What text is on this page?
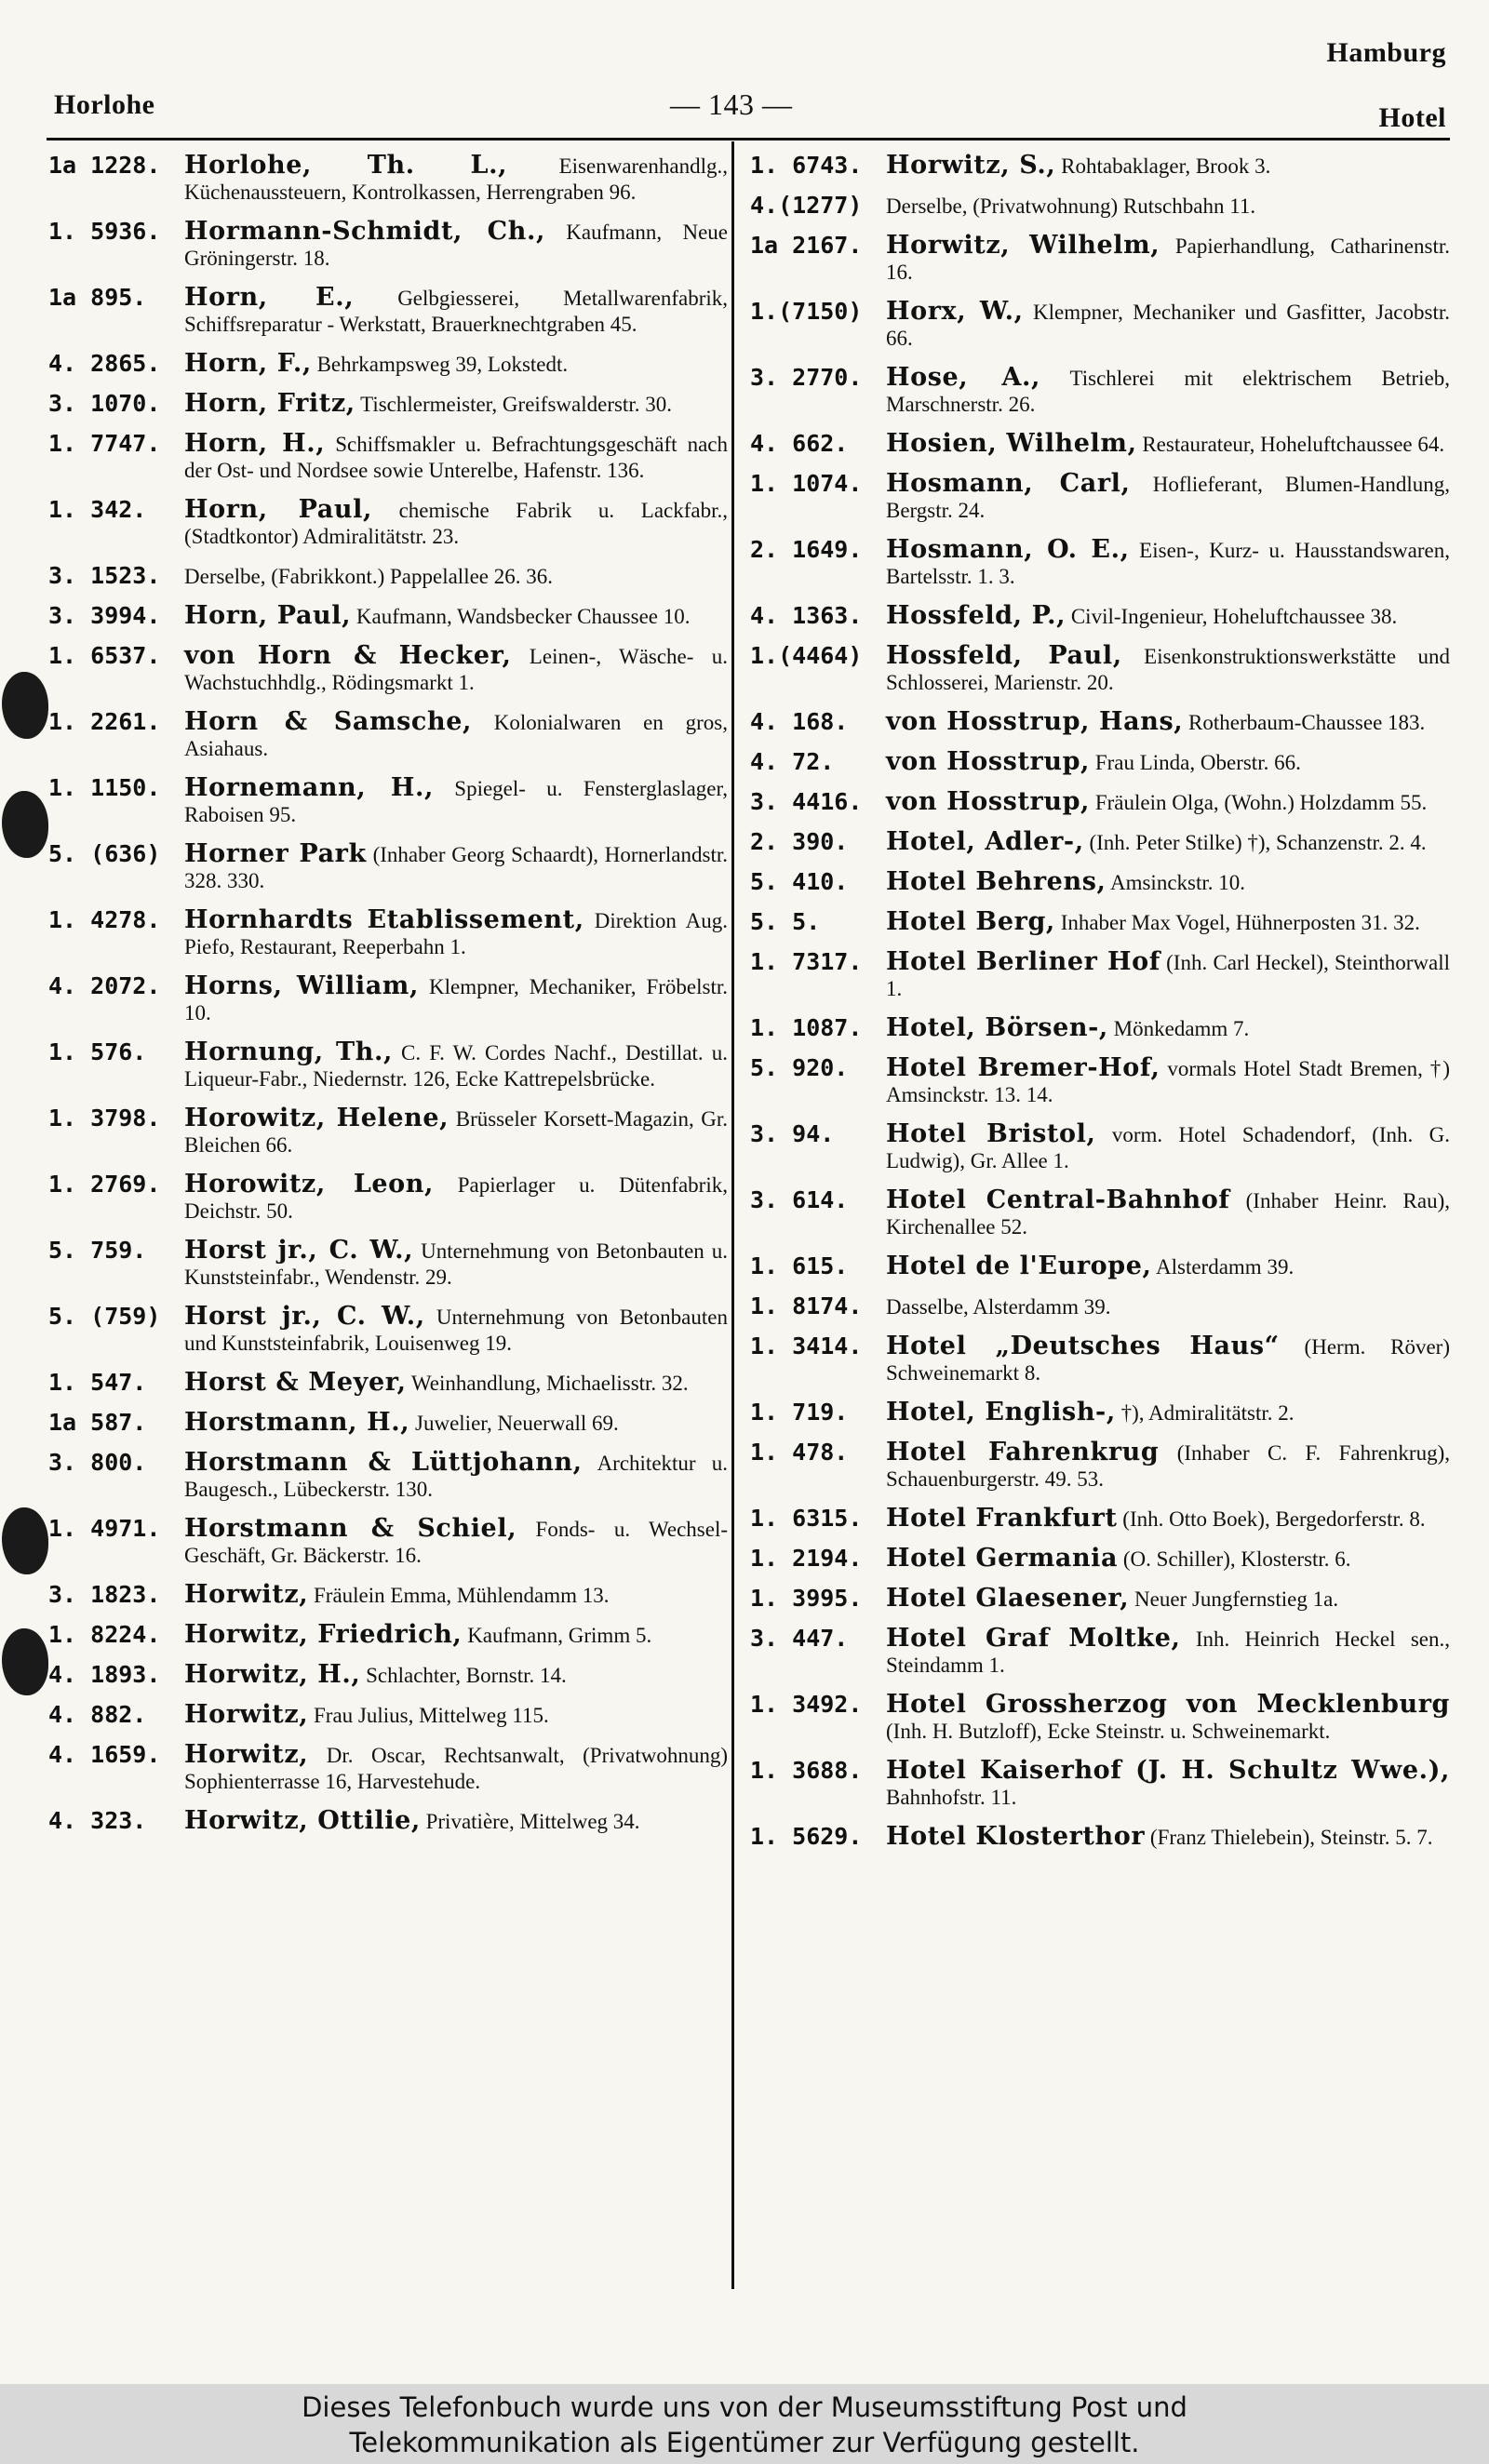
Hamburg
Horlohe	— 143 —	Hotel
1a 1228. Horlohe, Th. L., Eisenwarenhandlg., Küchenaussteuern, Kontrolkassen, Herrengraben 96.
1. 5936. Hormann-Schmidt, Ch., Kaufmann, Neue Gröningerstr. 18.
1a 895. Horn, E., Gelbgiesserei, Metallwarenfabrik, Schiffsreparatur - Werkstatt, Brauerknechtgraben 45.
4. 2865. Horn, F., Behrkampsweg 39, Lokstedt.
3. 1070. Horn, Fritz, Tischlermeister, Greifswalderstr. 30.
1. 7747. Horn, H., Schiffsmakler u. Befrachtungsgeschäft nach der Ost- und Nordsee sowie Unterelbe, Hafenstr. 136.
1. 342. Horn, Paul, chemische Fabrik u. Lackfabr., (Stadtkontor) Admiralitätstr. 23.
3. 1523. Derselbe, (Fabrikkont.) Pappelallee 26. 36.
3. 3994. Horn, Paul, Kaufmann, Wandsbecker Chaussee 10.
1. 6537. von Horn & Hecker, Leinen-, Wäsche- u. Wachstuchhdlg., Rödingsmarkt 1.
1. 2261. Horn & Samsche, Kolonialwaren en gros, Asiahaus.
1. 1150. Hornemann, H., Spiegel- u. Fensterglaslager, Raboisen 95.
5. (636) Horner Park (Inhaber Georg Schaardt), Hornerlandstr. 328. 330.
1. 4278. Hornhardts Etablissement, Direktion Aug. Piefo, Restaurant, Reeperbahn 1.
4. 2072. Horns, William, Klempner, Mechaniker, Fröbelstr. 10.
1. 576. Hornung, Th., C. F. W. Cordes Nachf., Destillat. u. Liqueur-Fabr., Niedernstr. 126, Ecke Kattrepelsbrücke.
1. 3798. Horowitz, Helene, Brüsseler Korsett-Magazin, Gr. Bleichen 66.
1. 2769. Horowitz, Leon, Papierlager u. Dütenfabrik, Deichstr. 50.
5. 759. Horst jr., C. W., Unternehmung von Betonbauten u. Kunststeinfabr., Wendenstr. 29.
5. (759) Horst jr., C. W., Unternehmung von Betonbauten und Kunststeinfabrik, Louisenweg 19.
1. 547. Horst & Meyer, Weinhandlung, Michaelisstr. 32.
1a 587. Horstmann, H., Juwelier, Neuerwall 69.
3. 800. Horstmann & Lüttjohann, Architektur u. Baugesch., Lübeckerstr. 130.
1. 4971. Horstmann & Schiel, Fonds- u. Wechsel-Geschäft, Gr. Bäckerstr. 16.
3. 1823. Horwitz, Fräulein Emma, Mühlendamm 13.
1. 8224. Horwitz, Friedrich, Kaufmann, Grimm 5.
4. 1893. Horwitz, H., Schlachter, Bornstr. 14.
4. 882. Horwitz, Frau Julius, Mittelweg 115.
4. 1659. Horwitz, Dr. Oscar, Rechtsanwalt, (Privatwohnung) Sophienterrasse 16, Harvestehude.
4. 323. Horwitz, Ottilie, Privatière, Mittelweg 34.
1. 6743. Horwitz, S., Rohtabaklager, Brook 3.
4.(1277) Derselbe, (Privatwohnung) Rutschbahn 11.
1a 2167. Horwitz, Wilhelm, Papierhandlung, Catharinenstr. 16.
1.(7150) Horx, W., Klempner, Mechaniker und Gasfitter, Jacobstr. 66.
3. 2770. Hose, A., Tischlerei mit elektrischem Betrieb, Marschnerstr. 26.
4. 662. Hosien, Wilhelm, Restaurateur, Hoheluftchaussee 64.
1. 1074. Hosmann, Carl, Hoflieferant, Blumen-Handlung, Bergstr. 24.
2. 1649. Hosmann, O. E., Eisen-, Kurz- u. Hausstandswaren, Bartelsstr. 1. 3.
4. 1363. Hossfeld, P., Civil-Ingenieur, Hoheluftchaussee 38.
1.(4464) Hossfeld, Paul, Eisenkonstruktionswerkstätte und Schlosserei, Marienstr. 20.
4. 168. von Hosstrup, Hans, Rotherbaum-Chaussee 183.
4. 72. von Hosstrup, Frau Linda, Oberstr. 66.
3. 4416. von Hosstrup, Fräulein Olga, (Wohn.) Holzdamm 55.
2. 390. Hotel, Adler-, (Inh. Peter Stilke) †), Schanzenstr. 2. 4.
5. 410. Hotel Behrens, Amsinckstr. 10.
5. 5.	Hotel Berg, Inhaber Max Vogel, Hühnerposten 31. 32.
1. 7317. Hotel Berliner Hof (Inh. Carl Heckel), Steinthorwall 1.
1. 1087. Hotel, Börsen-, Mönkedamm 7.
5. 920. Hotel Bremer-Hof, vormals Hotel Stadt Bremen, †) Amsinckstr. 13. 14.
3. 94. Hotel Bristol, vorm. Hotel Schadendorf, (Inh. G. Ludwig), Gr. Allee 1.
3. 614. Hotel Central-Bahnhof (Inhaber Heinr. Rau), Kirchenallee 52.
1. 615. Hotel de l'Europe, Alsterdamm 39.
1. 8174. Dasselbe, Alsterdamm 39.
1. 3414. Hotel „Deutsches Haus“ (Herm. Röver) Schweinemarkt 8.
1. 719. Hotel, English-, †), Admiralitätstr. 2.
1. 478. Hotel Fahrenkrug (Inhaber C. F. Fahrenkrug), Schauenburgerstr. 49. 53.
1. 6315. Hotel Frankfurt (Inh. Otto Boek), Bergedorferstr. 8.
1. 2194. Hotel Germania (O. Schiller), Klosterstr. 6.
1. 3995. Hotel Glaesener, Neuer Jungfernstieg 1a.
3. 447. Hotel Graf Moltke, Inh. Heinrich Heckel sen., Steindamm 1.
1. 3492. Hotel Grossherzog von Mecklenburg (Inh. H. Butzloff), Ecke Steinstr. u. Schweinemarkt.
1. 3688. Hotel Kaiserhof (J. H. Schultz Wwe.), Bahnhofstr. 11.
1. 5629. Hotel Klosterthor (Franz Thielebein), Steinstr. 5. 7.
Dieses Telefonbuch wurde uns von der Museumsstiftung Post und
Telekommunikation als Eigentümer zur Verfügung gestellt.
